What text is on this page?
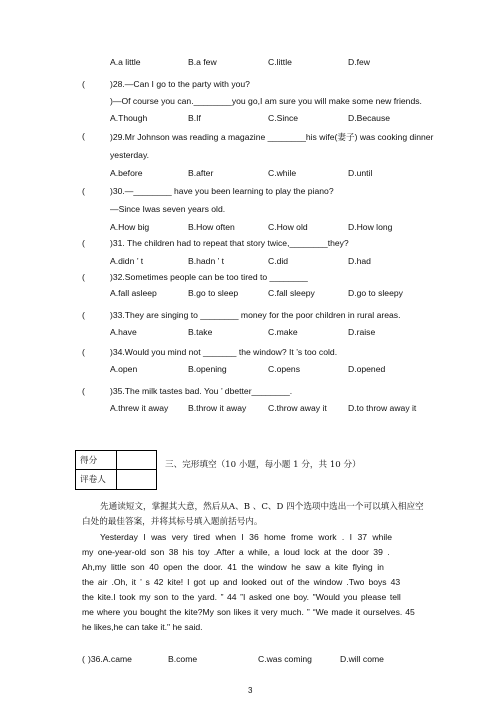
A.a little	B.a few	C.little	D.few
(	)28.—Can I go to the party with you?
)—Of course you can.________you go,I am sure you will make some new friends.
A.Though	B.If	C.Since	D.Because
(	)29.Mr Johnson was reading a magazine ________his wife(妻子) was cooking dinner
yesterday.
A.before	B.after	C.while	D.until
(	)30.—________ have you been learning to play the piano?
—Since Iwas seven years old.
A.How big	B.How often	C.How old	D.How long
(	)31. The children had to repeat that story twice,________they?
A.didn ’ t	B.hadn ’ t	C.did	D.had
(	)32.Sometimes people can be too tired to ________
A.fall asleep	B.go to sleep	C.fall sleepy	D.go to sleepy
(	)33.They are singing to ________ money for the poor children in rural areas.
A.have	B.take	C.make	D.raise
(	)34.Would you mind not _______ the window? It ’s too cold.
A.open	B.opening	C.opens	D.opened
(	)35.The milk tastes bad. You ’ dbetter________.
A.threw it away B.throw it away	C.throw away it D.to throw away it
得分
评卷人
三、完形填空（10 小题，每小题 1 分，共 10 分）
先通读短文，掌握其大意，然后从A、B 、C、D 四个选项中选出一个可以填入相应空
白处的最佳答案，并将其标号填入题前括号内。
Yesterday I was very tired when I 36 home frome work . I 37 while
my one-year-old son 38 his toy .After a while, a loud lock at the door 39 .
Ah,my little son 40 open the door. 41 the window he saw a kite flying in
the air .Oh, it ’ s 42 kite! I got up and looked out of the window .Two boys 43
the kite.I took my son to the yard. ” 44 ”I asked one boy. "Would you please tell
me where you bought the kite?My son likes it very much. ” “We made it ourselves. 45
he likes,he can take it." he said.
( )36.A.came	B.come	C.was coming	D.will come
3
